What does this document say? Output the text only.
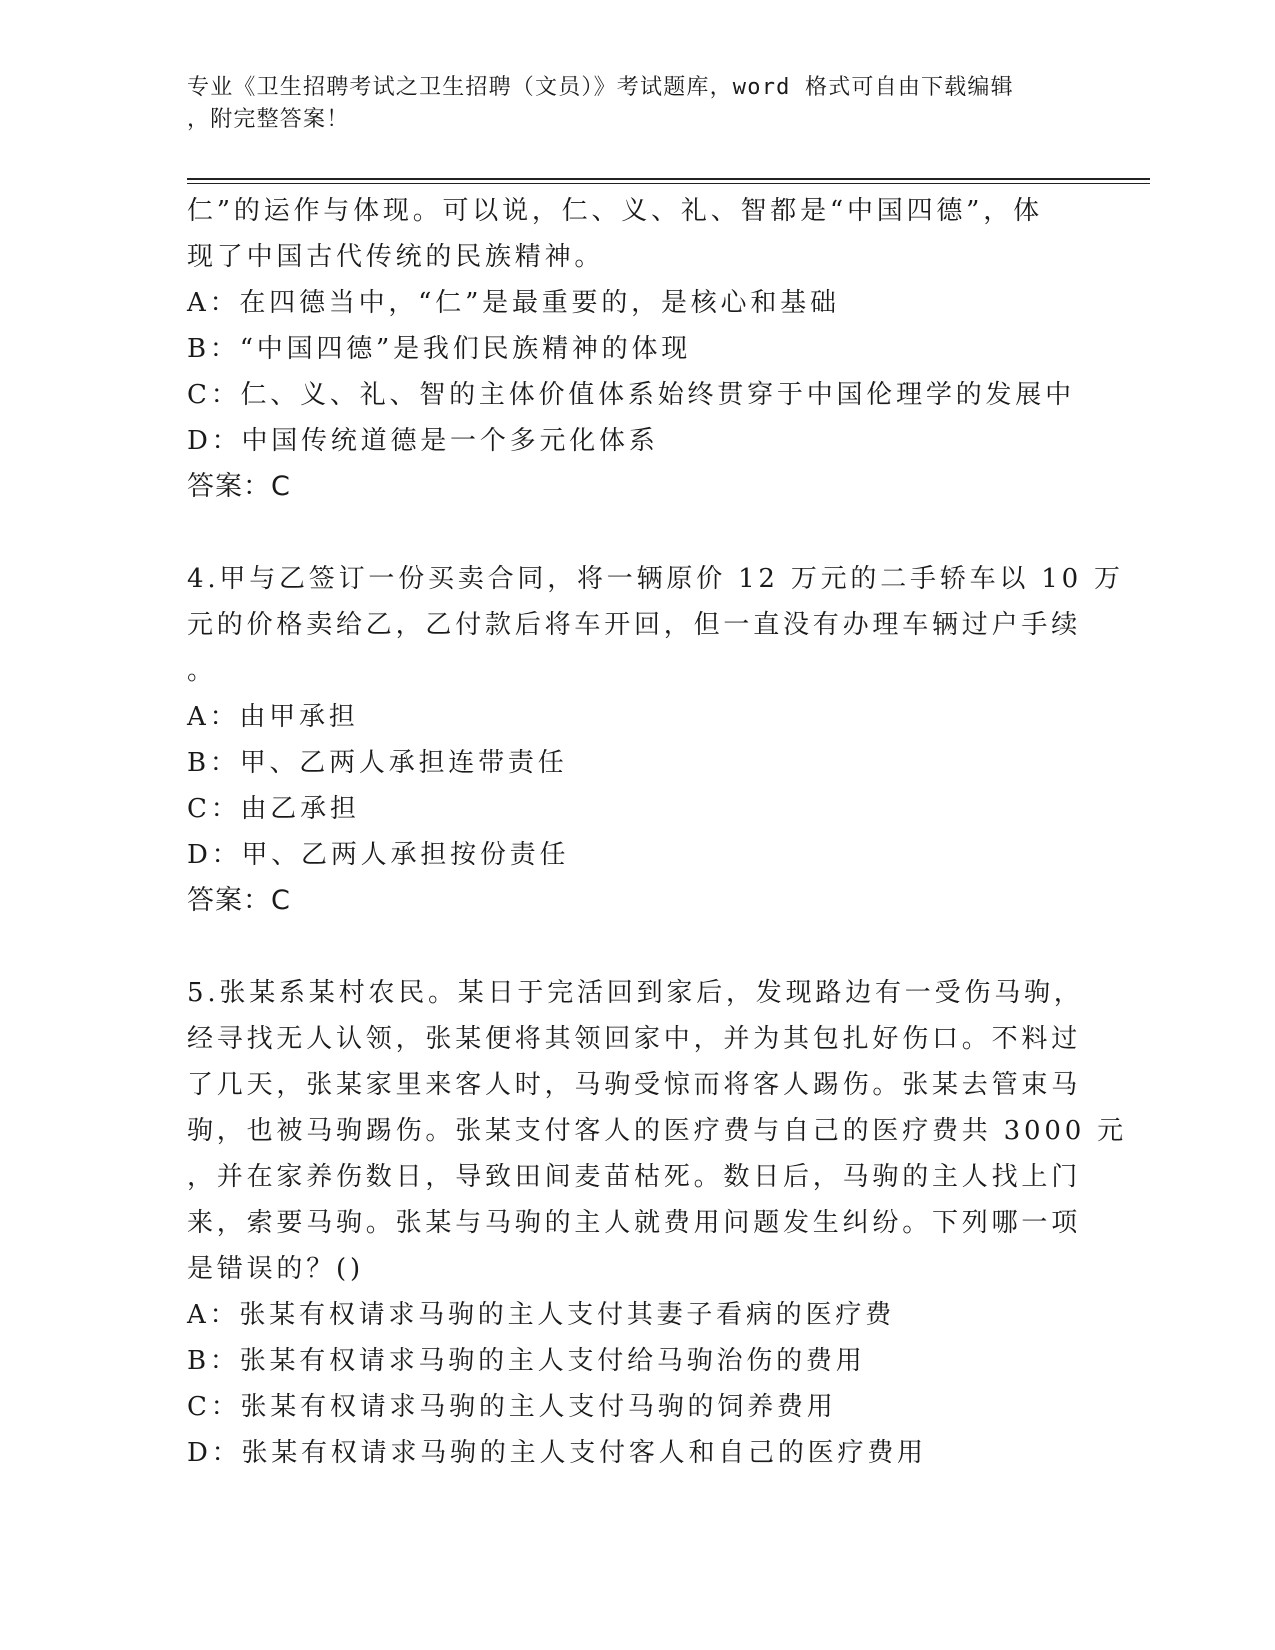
专业《卫生招聘考试之卫生招聘（文员）》考试题库，word 格式可自由下载编辑
，附完整答案！

仁”的运作与体现。可以说，仁、义、礼、智都是“中国四德”，体

现了中国古代传统的民族精神。

A：在四德当中，“仁”是最重要的，是核心和基础

B：“中国四德”是我们民族精神的体现

C：仁、义、礼、智的主体价值体系始终贯穿于中国伦理学的发展中

D：中国传统道德是一个多元化体系

答案：C

4.甲与乙签订一份买卖合同，将一辆原价 12 万元的二手轿车以 10 万

元的价格卖给乙，乙付款后将车开回，但一直没有办理车辆过户手续

。

A：由甲承担

B：甲、乙两人承担连带责任

C：由乙承担

D：甲、乙两人承担按份责任

答案：C

5.张某系某村农民。某日于完活回到家后，发现路边有一受伤马驹，

经寻找无人认领，张某便将其领回家中，并为其包扎好伤口。不料过

了几天，张某家里来客人时，马驹受惊而将客人踢伤。张某去管束马

驹，也被马驹踢伤。张某支付客人的医疗费与自己的医疗费共 3000 元

，并在家养伤数日，导致田间麦苗枯死。数日后，马驹的主人找上门

来，索要马驹。张某与马驹的主人就费用问题发生纠纷。下列哪一项

是错误的？()

A：张某有权请求马驹的主人支付其妻子看病的医疗费

B：张某有权请求马驹的主人支付给马驹治伤的费用

C：张某有权请求马驹的主人支付马驹的饲养费用

D：张某有权请求马驹的主人支付客人和自己的医疗费用
